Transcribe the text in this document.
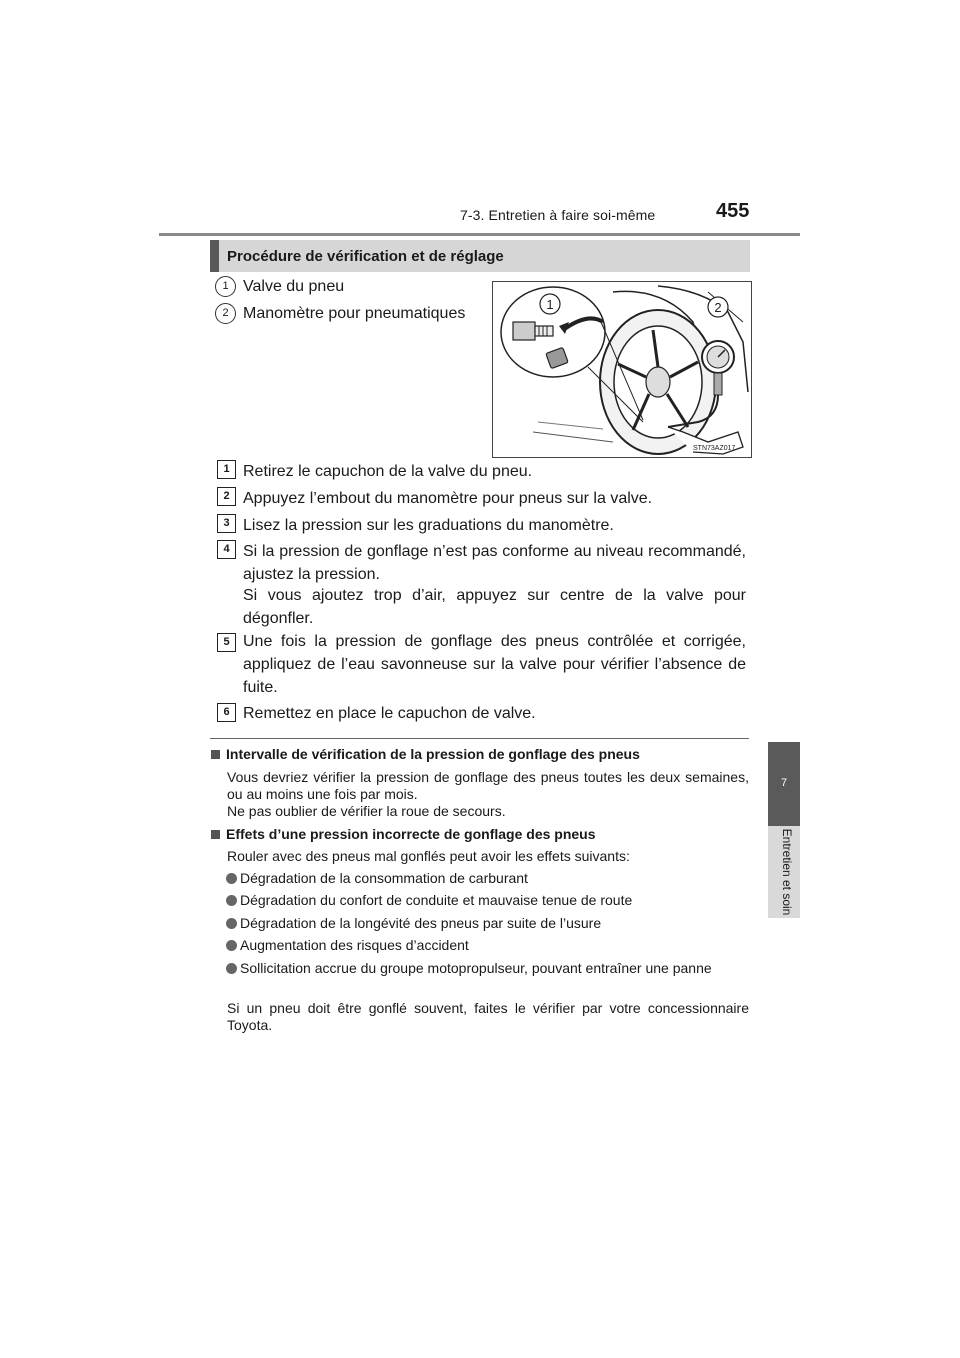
7-3. Entretien à faire soi-même	455
7
Entretien et soin
Procédure de vérification et de réglage
1 Valve du pneu
2 Manomètre pour pneumatiques
1	2
STN73AZ017
1 Retirez le capuchon de la valve du pneu.
2 Appuyez l’embout du manomètre pour pneus sur la valve.
3 Lisez la pression sur les graduations du manomètre.
4 Si la pression de gonflage n’est pas conforme au niveau recommandé, ajustez la pression.
Si vous ajoutez trop d’air, appuyez sur centre de la valve pour dégonfler.
5 Une fois la pression de gonflage des pneus contrôlée et corrigée, appliquez de l’eau savonneuse sur la valve pour vérifier l’absence de fuite.
6 Remettez en place le capuchon de valve.
Intervalle de vérification de la pression de gonflage des pneus
Vous devriez vérifier la pression de gonflage des pneus toutes les deux semaines, ou au moins une fois par mois.
Ne pas oublier de vérifier la roue de secours.
Effets d’une pression incorrecte de gonflage des pneus
Rouler avec des pneus mal gonflés peut avoir les effets suivants:
Dégradation de la consommation de carburant
Dégradation du confort de conduite et mauvaise tenue de route
Dégradation de la longévité des pneus par suite de l’usure
Augmentation des risques d’accident
Sollicitation accrue du groupe motopropulseur, pouvant entraîner une panne
Si un pneu doit être gonflé souvent, faites le vérifier par votre concessionnaire Toyota.
